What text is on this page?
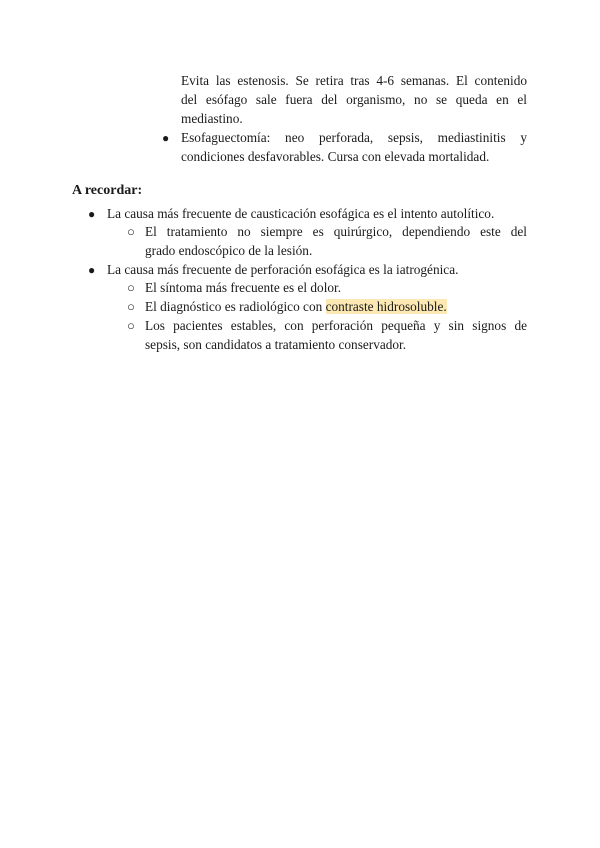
Evita las estenosis. Se retira tras 4-6 semanas. El contenido
del esófago sale fuera del organismo, no se queda en el
mediastino.
● Esofaguectomía: neo perforada, sepsis, mediastinitis y
condiciones desfavorables. Cursa con elevada mortalidad.
A recordar:
● La causa más frecuente de causticación esofágica es el intento autolítico.
○ El tratamiento no siempre es quirúrgico, dependiendo este del
grado endoscópico de la lesión.
● La causa más frecuente de perforación esofágica es la iatrogénica.
○ El síntoma más frecuente es el dolor.
○ El diagnóstico es radiológico con contraste hidrosoluble.
○ Los pacientes estables, con perforación pequeña y sin signos de
sepsis, son candidatos a tratamiento conservador.
